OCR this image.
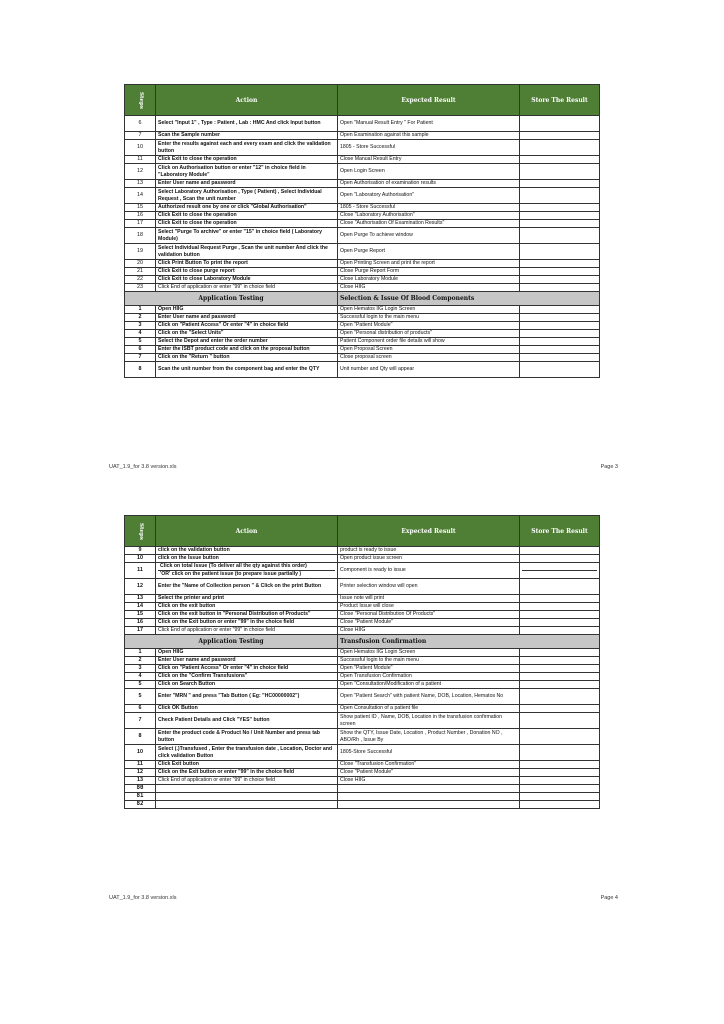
Steps	Action	Expected Result	Store The Result
6	Select "Input 1" , Type : Patient , Lab : HMC And click Input button	Open "Manual Result Entry " For Patient	
7	Scan the Sample number	Open Examination against this sample	
10	Enter the results against each and every exam and click the validation button	1805 - Store Successful	
11	Click Exit to close the operation	Close Manual Result Entry	
12	Click on Authorisation button or enter "12" in choice field in "Laboratory Module"	Open Login Screen	
13	Enter User name and password	Open Authorisation of examination results	
14	Select Laboratory Authorisation , Type ( Patient) , Select Individual Request , Scan the unit number	Open "Laboratory Authorisation"	
15	Authorized result one by one or click "Global Authorisation"	1805 - Store Successful	
16	Click Exit to close the operation	Close "Laboratory Authorisation"	
17	Click Exit to close the operation	Close "Authorisation Of Examination Results"	
18	Select "Purge To archive" or enter "15" in choice field ( Laboratory Module)	Open Purge To achieve window	
19	Select Individual Request Purge , Scan the unit number And click the validation button	Open Purge Report	
20	Click Print Button To print the report	Open Printing Screen and print the report	
21	Click Exit to close purge report	Close Purge Report Form	
22	Click Exit to close Laboratory Module	Close Laboratory Module	
23	Click End of application or enter "99" in choice field	Close HIIG	
Application Testing		Selection & Issue Of Blood Components	
1	Open HIIG	Open Hematos IIG Login Screen	
2	Enter User name and password	Successful login to the main menu	
3	Click on "Patient Access" Or enter "4" in choice field	Open "Patient Module"	
4	Click on the "Select Units"	Open "Personal distribution of products"	
5	Select the Depot and enter the order number	Patient Component order file details will show	
6	Enter the ISBT product code and click on the proposal button	Open Proposal Screen	
7	Click on the "Return " button	Close proposal screen	
8	Scan the unit number from the component bag and enter the QTY	Unit number and Qty will appear	
UAT_1.9_for 3.8 version.xls	Page 3
Steps	Action	Expected Result	Store The Result
9	click on the validation button	product is ready to issue	
10	click on the Issue button	Open product issue screen	
11	Click on total Issue (To deliver all the qty against this order)
'OR' click on the patient issue (to prepare issue partially )	Component is ready to issue	

12	Enter the "Name of Collection person " & Click on the print Button	Printer selection window will open	
13	Select the printer and print	Issue note will print	
14	Click on the exit button	Product Issue will close	
15	Click on the exit button in "Personal Distribution of Products"	Close "Personal Distribution Of Products"	
16	Click on the Exit button or enter "99" in the choice field	Close "Patient Module"	
17	Click End of application or enter "99" in choice field	Close HIIG	
Application Testing		Transfusion Confirmation	
1	Open HIIG	Open Hematos IIG Login Screen	
2	Enter User name and password	Successful login to the main menu	
3	Click on "Patient Access" Or enter "4" in choice field	Open "Patient Module"	
4	Click on the "Confirm Transfusions"	Open Transfusion Confirmation	
5	Click on Search Button	Open "Consultation/Modification of a patient	
5	Enter "MRN " and press "Tab Button ( Eg: "HC00000002")	Open "Patient Search" with patient Name, DOB, Location, Hematos No	
6	Click OK Button	Open Consultation of a patient file	
7	Check Patient Details and Click "YES" button	Show patient ID , Name, DOB, Location in the transfusion confirmation screen	
8	Enter the product code & Product No / Unit Number and press tab button	Show the QTY, Issue Date, Location , Product Number , Donation NO , ABO/Rh , Issue By	
10	Select (.)Transfused , Enter the transfusion date , Location, Doctor and click validation Button	1805-Store Successful	
11	Click Exit button	Close "Transfusion Confirmation"	
12	Click on the Exit button or enter "99" in the choice field	Close "Patient Module"	
13	Click End of application or enter "99" in choice field	Close HIIG	
80			
81			
82			
UAT_1.9_for 3.8 version.xls	Page 4
